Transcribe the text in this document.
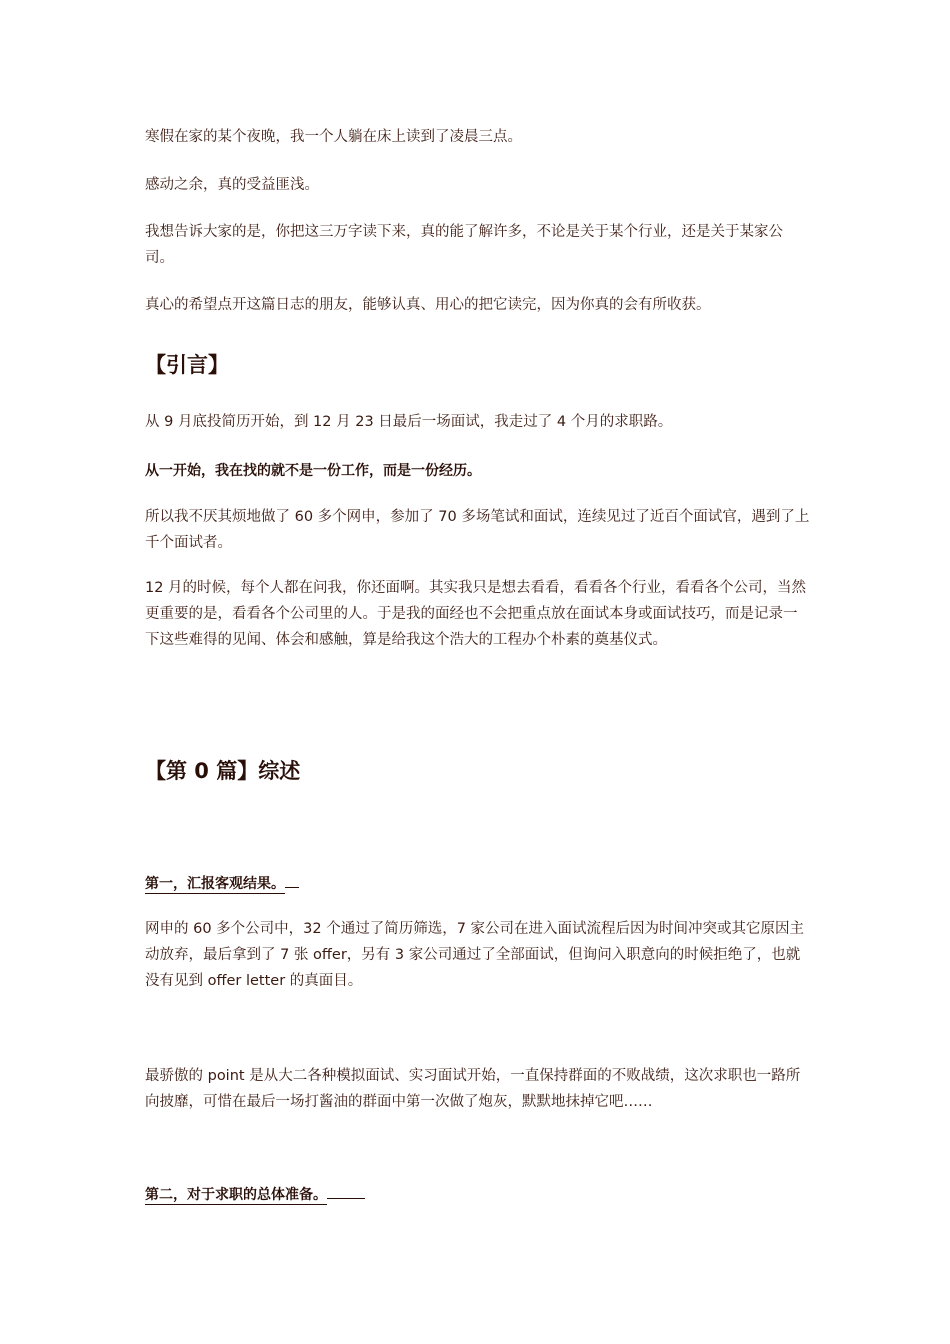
寒假在家的某个夜晚，我一个人躺在床上读到了凌晨三点。

感动之余，真的受益匪浅。

我想告诉大家的是，你把这三万字读下来，真的能了解许多，不论是关于某个行业，还是关于某家公司。

真心的希望点开这篇日志的朋友，能够认真、用心的把它读完，因为你真的会有所收获。

【引言】

从 9 月底投简历开始，到 12 月 23 日最后一场面试，我走过了 4 个月的求职路。

从一开始，我在找的就不是一份工作，而是一份经历。

所以我不厌其烦地做了 60 多个网申，参加了 70 多场笔试和面试，连续见过了近百个面试官，遇到了上千个面试者。

12 月的时候，每个人都在问我，你还面啊。其实我只是想去看看，看看各个行业，看看各个公司，当然更重要的是，看看各个公司里的人。于是我的面经也不会把重点放在面试本身或面试技巧，而是记录一下这些难得的见闻、体会和感触，算是给我这个浩大的工程办个朴素的奠基仪式。

【第 0 篇】综述
第一，汇报客观结果。

网申的 60 多个公司中，32 个通过了简历筛选，7 家公司在进入面试流程后因为时间冲突或其它原因主动放弃，最后拿到了 7 张 offer，另有 3 家公司通过了全部面试，但询问入职意向的时候拒绝了，也就没有见到 offer letter 的真面目。

最骄傲的 point 是从大二各种模拟面试、实习面试开始，一直保持群面的不败战绩，这次求职也一路所向披靡，可惜在最后一场打酱油的群面中第一次做了炮灰，默默地抹掉它吧……

第二，对于求职的总体准备。
